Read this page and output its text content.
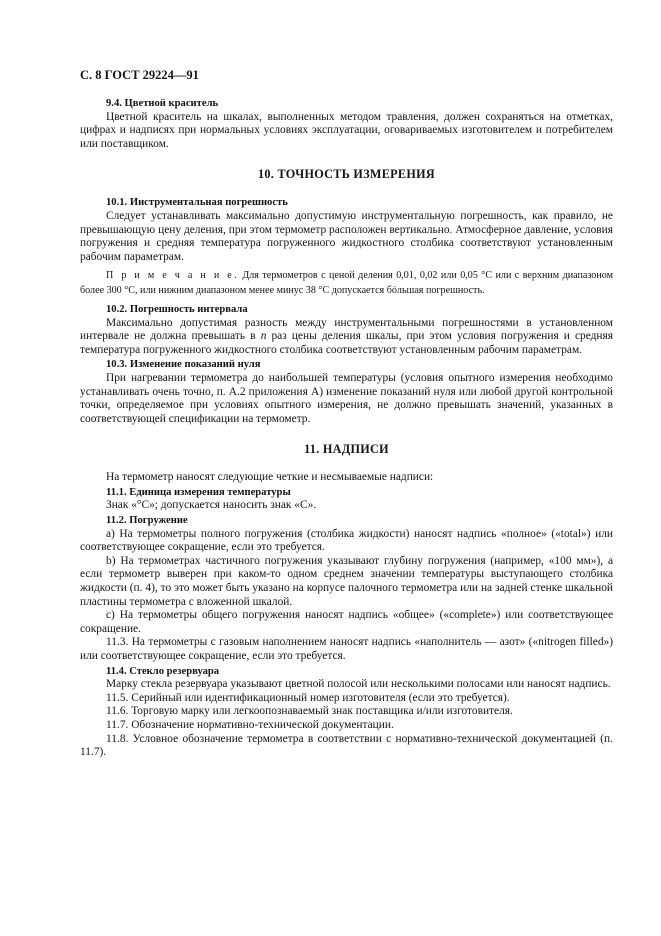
С. 8 ГОСТ 29224—91
9.4. Цветной краситель

Цветной краситель на шкалах, выполненных методом травления, должен сохраняться на отметках, цифрах и надписях при нормальных условиях эксплуатации, оговариваемых изготовителем и потребителем или поставщиком.

10. ТОЧНОСТЬ ИЗМЕРЕНИЯ
10.1. Инструментальная погрешность

Следует устанавливать максимально допустимую инструментальную погрешность, как правило, не превышающую цену деления, при этом термометр расположен вертикально. Атмосферное давление, условия погружения и средняя температура погруженного жидкостного столбика соответствуют установленным рабочим параметрам.

П р и м е ч а н и е. Для термометров с ценой деления 0,01, 0,02 или 0,05 °С или с верхним диапазоном более 300 °С, или нижним диапазоном менее минус 38 °С допускается бóльшая погрешность.

10.2. Погрешность интервала

Максимально допустимая разность между инструментальными погрешностями в установленном интервале не должна превышать в n раз цены деления шкалы, при этом условия погружения и средняя температура погруженного жидкостного столбика соответствуют установленным рабочим параметрам.

10.3. Изменение показаний нуля

При нагревании термометра до наибольшей температуры (условия опытного измерения необходимо устанавливать очень точно, п. А.2 приложения А) изменение показаний нуля или любой другой контрольной точки, определяемое при условиях опытного измерения, не должно превышать значений, указанных в соответствующей спецификации на термометр.

11. НАДПИСИ

На термометр наносят следующие четкие и несмываемые надписи:

11.1. Единица измерения температуры

Знак «°С»; допускается наносить знак «С».

11.2. Погружение

а) На термометры полного погружения (столбика жидкости) наносят надпись «полное» («total») или соответствующее сокращение, если это требуется.

b) На термометрах частичного погружения указывают глубину погружения (например, «100 мм»), а если термометр выверен при каком-то одном среднем значении температуры выступающего столбика жидкости (п. 4), то это может быть указано на корпусе палочного термометра или на задней стенке шкальной пластины термометра с вложенной шкалой.

с) На термометры общего погружения наносят надпись «общее» («complete») или соответствующее сокращение.

11.3. На термометры с газовым наполнением наносят надпись «наполнитель — азот» («nitrogen filled») или соответствующее сокращение, если это требуется.

11.4. Стекло резервуара

Марку стекла резервуара указывают цветной полосой или несколькими полосами или наносят надпись.

11.5. Серийный или идентификационный номер изготовителя (если это требуется).

11.6. Торговую марку или легкоопознаваемый знак поставщика и/или изготовителя.

11.7. Обозначение нормативно-технической документации.

11.8. Условное обозначение термометра в соответствии с нормативно-технической документацией (п. 11.7).
